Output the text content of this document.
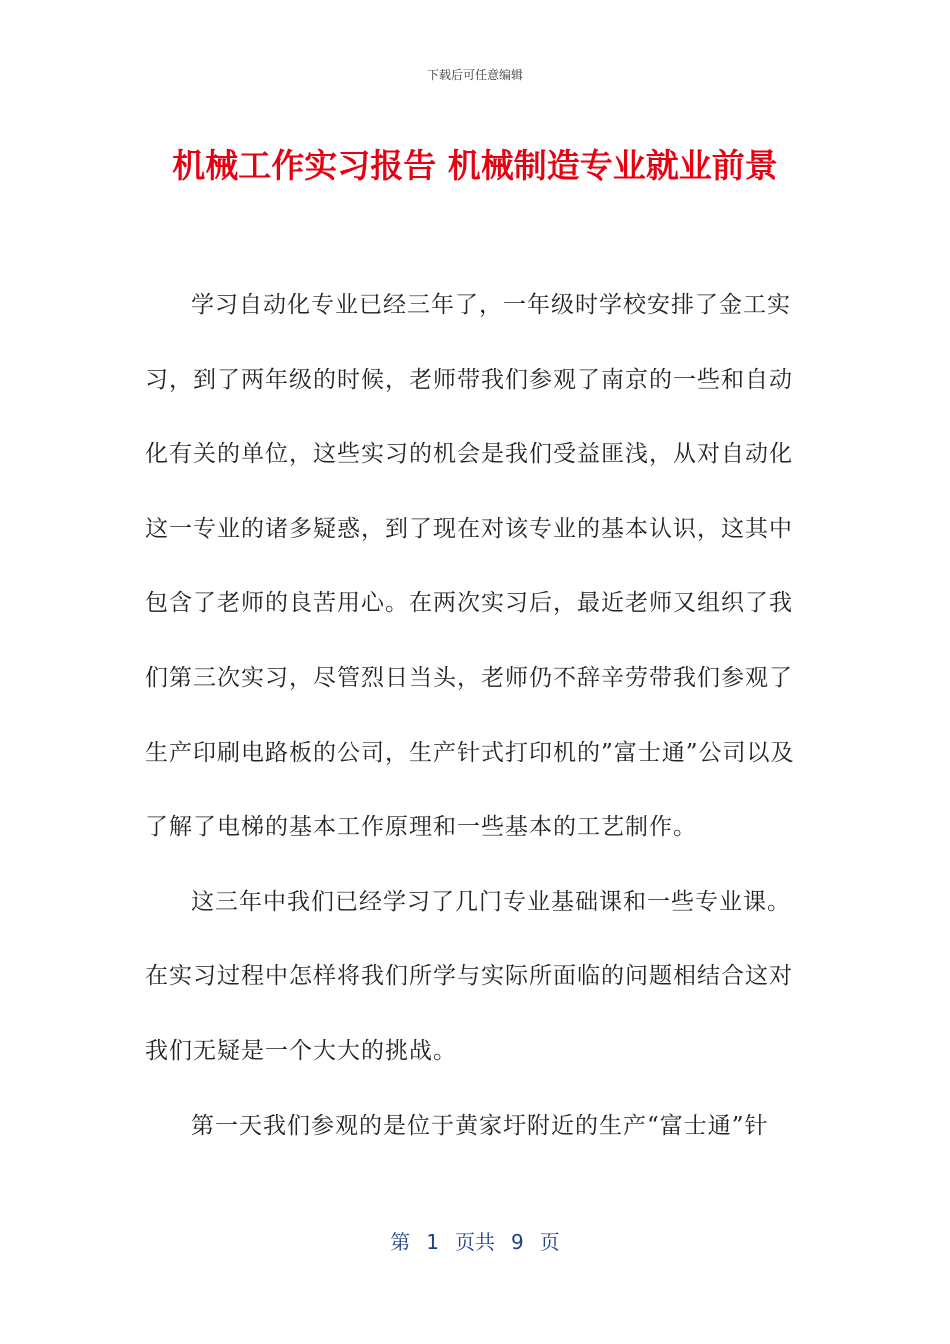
下载后可任意编辑
机械工作实习报告 机械制造专业就业前景

学习自动化专业已经三年了，一年级时学校安排了金工实习，到了两年级的时候，老师带我们参观了南京的一些和自动化有关的单位，这些实习的机会是我们受益匪浅，从对自动化这一专业的诸多疑惑，到了现在对该专业的基本认识，这其中包含了老师的良苦用心。在两次实习后，最近老师又组织了我们第三次实习，尽管烈日当头，老师仍不辞辛劳带我们参观了生产印刷电路板的公司，生产针式打印机的”富士通”公司以及了解了电梯的基本工作原理和一些基本的工艺制作。

这三年中我们已经学习了几门专业基础课和一些专业课。在实习过程中怎样将我们所学与实际所面临的问题相结合这对我们无疑是一个大大的挑战。

第一天我们参观的是位于黄家圩附近的生产“富士通”针

第 1 页共 9 页
